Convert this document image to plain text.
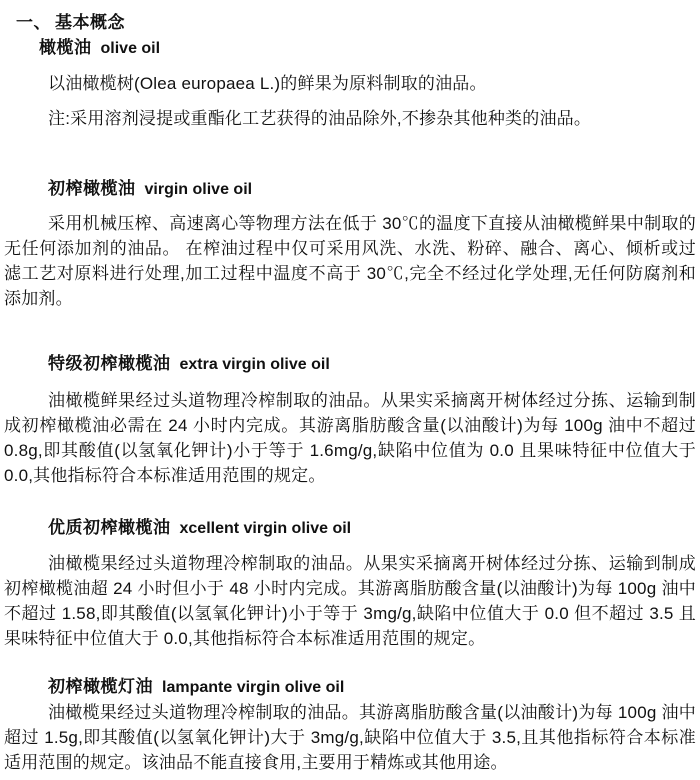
一、 基本概念
橄榄油 olive oil

以油橄榄树(Olea europaea L.)的鲜果为原料制取的油品。

注:采用溶剂浸提或重酯化工艺获得的油品除外,不掺杂其他种类的油品。

初榨橄榄油 virgin olive oil

采用机械压榨、高速离心等物理方法在低于 30℃的温度下直接从油橄榄鲜果中制取的无任何添加剂的油品。 在榨油过程中仅可采用风洗、水洗、粉碎、融合、离心、倾析或过滤工艺对原料进行处理,加工过程中温度不高于 30℃,完全不经过化学处理,无任何防腐剂和添加剂。

特级初榨橄榄油 extra virgin olive oil

油橄榄鲜果经过头道物理冷榨制取的油品。从果实采摘离开树体经过分拣、运输到制成初榨橄榄油必需在 24 小时内完成。其游离脂肪酸含量(以油酸计)为每 100g 油中不超过 0.8g,即其酸值(以氢氧化钾计)小于等于 1.6mg/g,缺陷中位值为 0.0 且果味特征中位值大于 0.0,其他指标符合本标准适用范围的规定。

优质初榨橄榄油 xcellent virgin olive oil

油橄榄果经过头道物理冷榨制取的油品。从果实采摘离开树体经过分拣、运输到制成初榨橄榄油超 24 小时但小于 48 小时内完成。其游离脂肪酸含量(以油酸计)为每 100g 油中不超过 1.58,即其酸值(以氢氧化钾计)小于等于 3mg/g,缺陷中位值大于 0.0 但不超过 3.5 且果味特征中位值大于 0.0,其他指标符合本标准适用范围的规定。

初榨橄榄灯油 lampante virgin olive oil

油橄榄果经过头道物理冷榨制取的油品。其游离脂肪酸含量(以油酸计)为每 100g 油中超过 1.5g,即其酸值(以氢氧化钾计)大于 3mg/g,缺陷中位值大于 3.5,且其他指标符合本标准适用范围的规定。该油品不能直接食用,主要用于精炼或其他用途。
